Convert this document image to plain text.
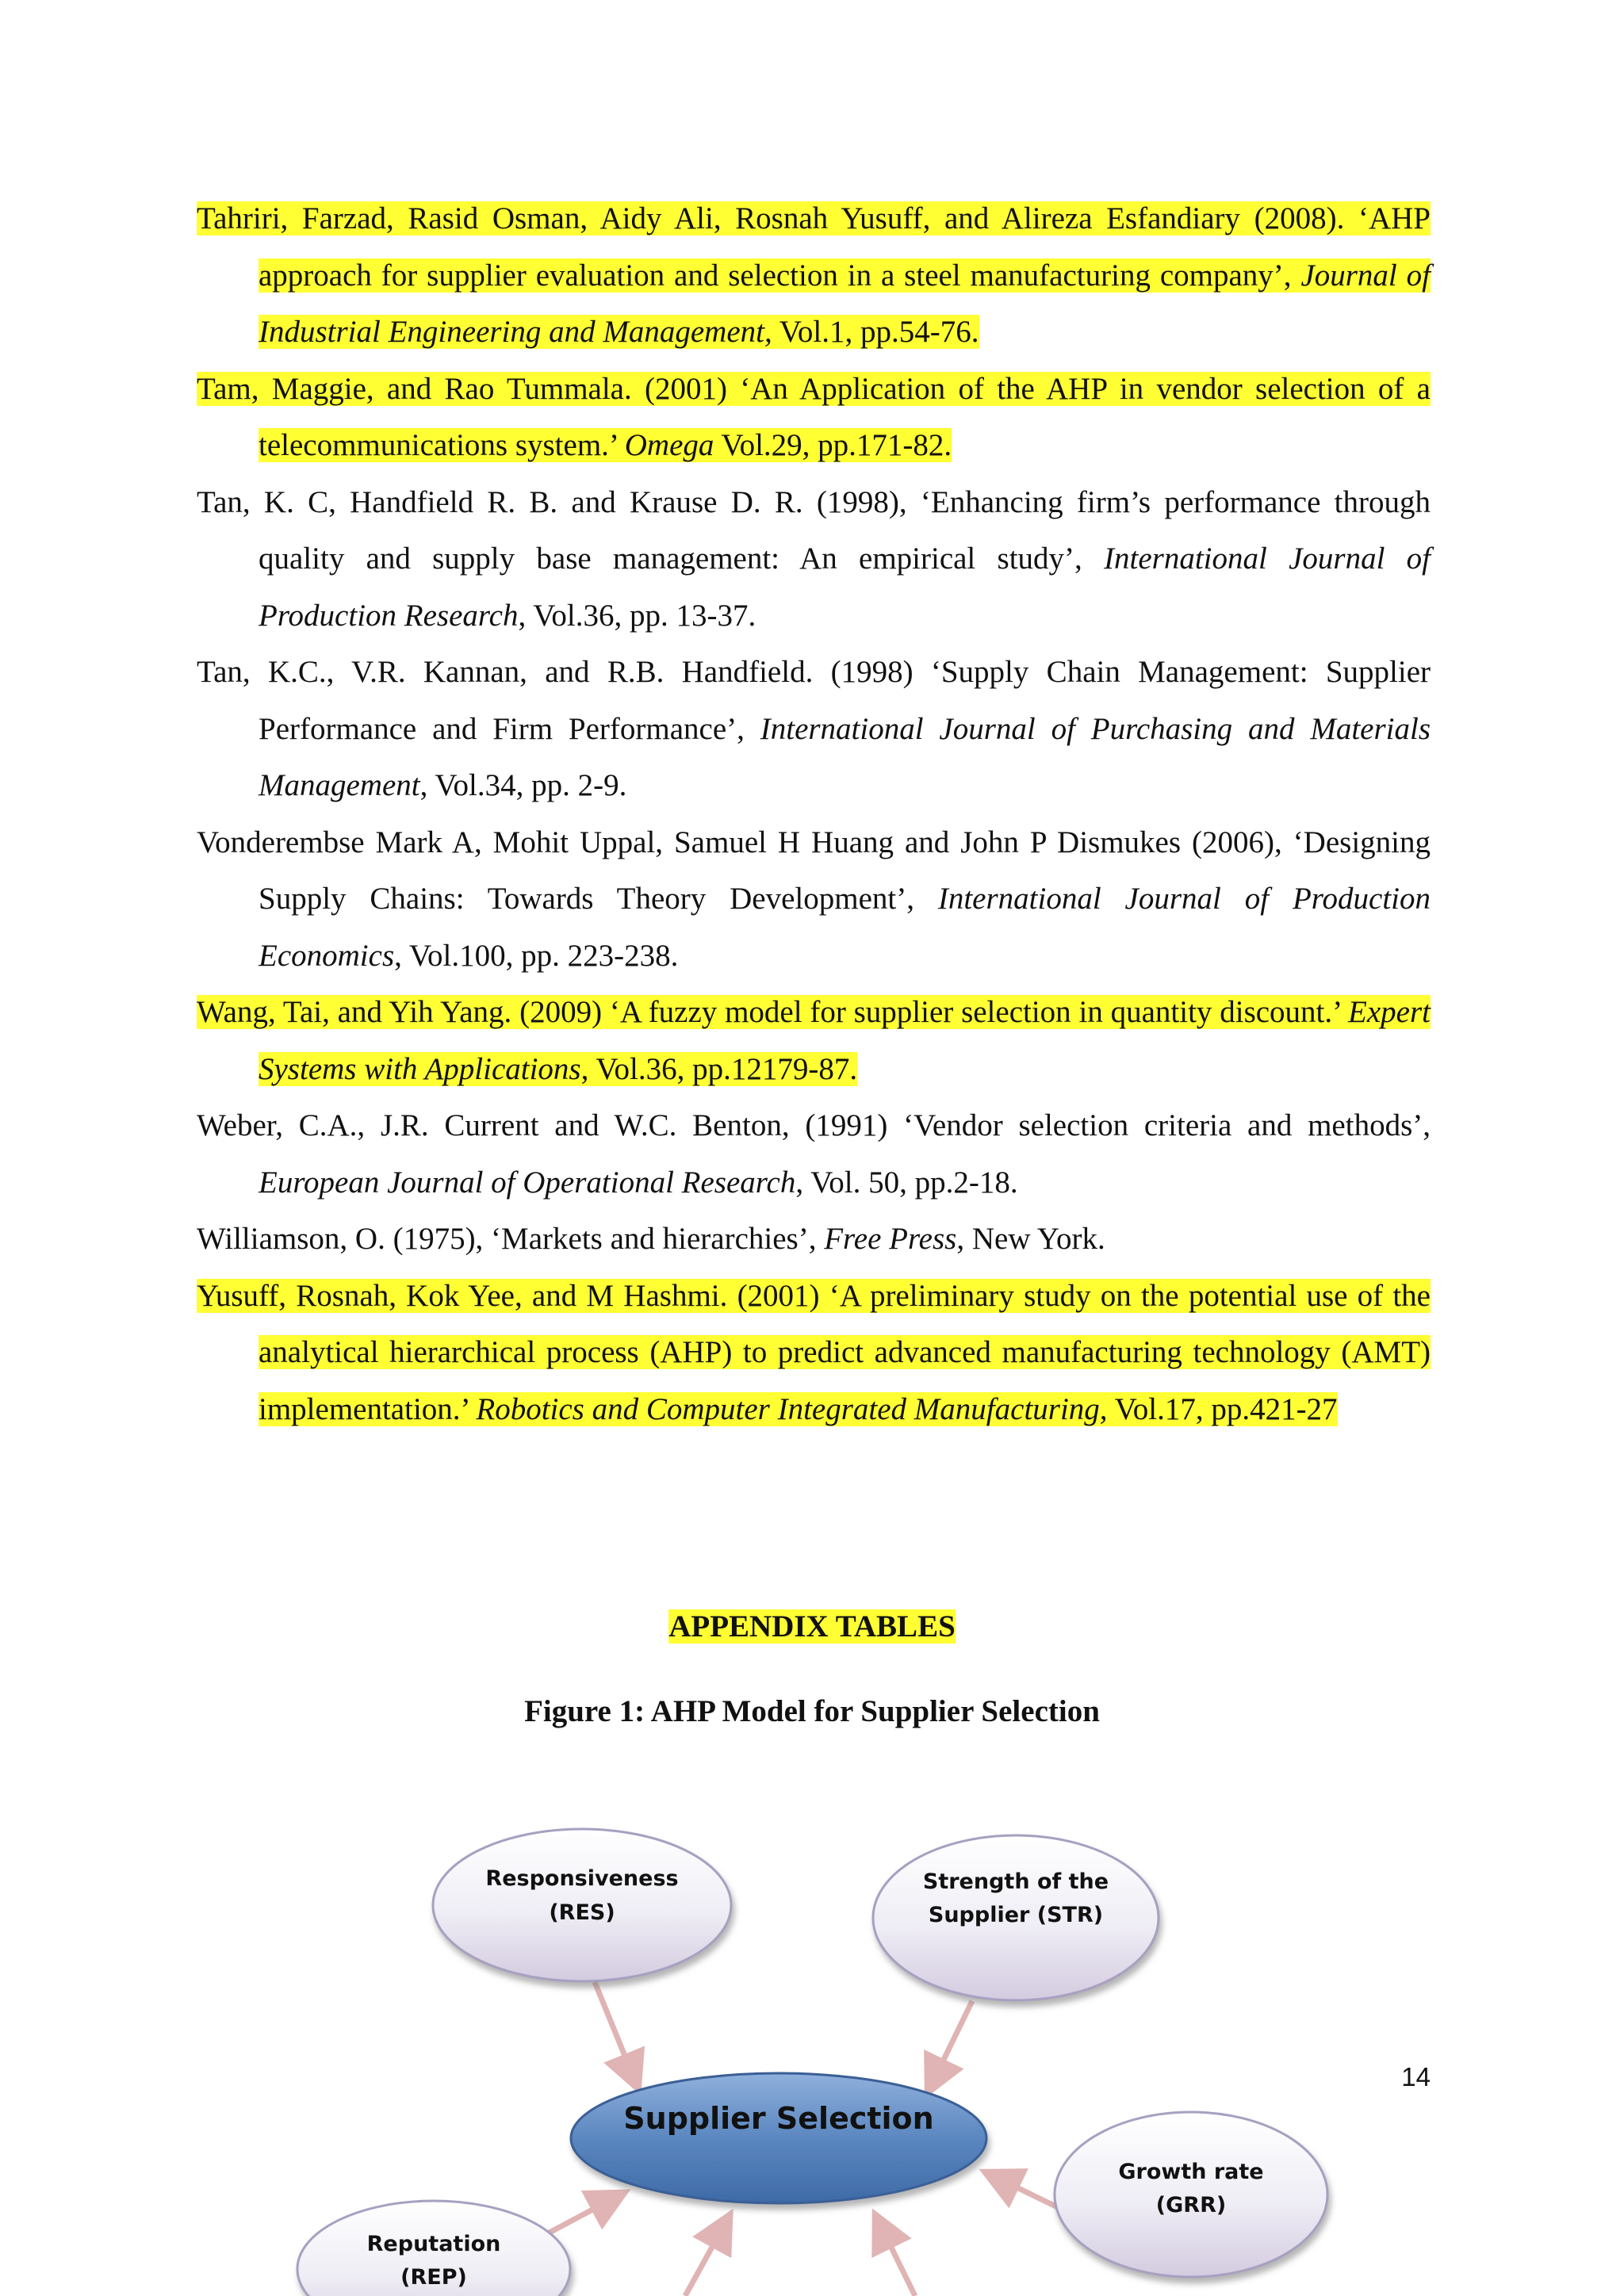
Tahriri, Farzad, Rasid Osman, Aidy Ali, Rosnah Yusuff, and Alireza Esfandiary (2008). ‘AHP approach for supplier evaluation and selection in a steel manufacturing company’, Journal of Industrial Engineering and Management, Vol.1, pp.54-76.
Tam, Maggie, and Rao Tummala. (2001) ‘An Application of the AHP in vendor selection of a telecommunications system.’ Omega Vol.29, pp.171-82.
Tan, K. C, Handfield R. B. and Krause D. R. (1998), ‘Enhancing firm’s performance through quality and supply base management: An empirical study’, International Journal of Production Research, Vol.36, pp. 13-37.
Tan, K.C., V.R. Kannan, and R.B. Handfield. (1998) ‘Supply Chain Management: Supplier Performance and Firm Performance’, International Journal of Purchasing and Materials Management, Vol.34, pp. 2-9.
Vonderembse Mark A, Mohit Uppal, Samuel H Huang and John P Dismukes (2006), ‘Designing Supply Chains: Towards Theory Development’, International Journal of Production Economics, Vol.100, pp. 223-238.
Wang, Tai, and Yih Yang. (2009) ‘A fuzzy model for supplier selection in quantity discount.’ Expert Systems with Applications, Vol.36, pp.12179-87.
Weber, C.A., J.R. Current and W.C. Benton, (1991) ‘Vendor selection criteria and methods’, European Journal of Operational Research, Vol. 50, pp.2-18.
Williamson, O. (1975), ‘Markets and hierarchies’, Free Press, New York.
Yusuff, Rosnah, Kok Yee, and M Hashmi. (2001) ‘A preliminary study on the potential use of the analytical hierarchical process (AHP) to predict advanced manufacturing technology (AMT) implementation.’ Robotics and Computer Integrated Manufacturing, Vol.17, pp.421-27
APPENDIX TABLES
Figure 1: AHP Model for Supplier Selection
Responsiveness
(RES)
Strength of the
Supplier (STR)
Growth rate
(GRR)
Reputation
(REP)
Supplier Selection
14
